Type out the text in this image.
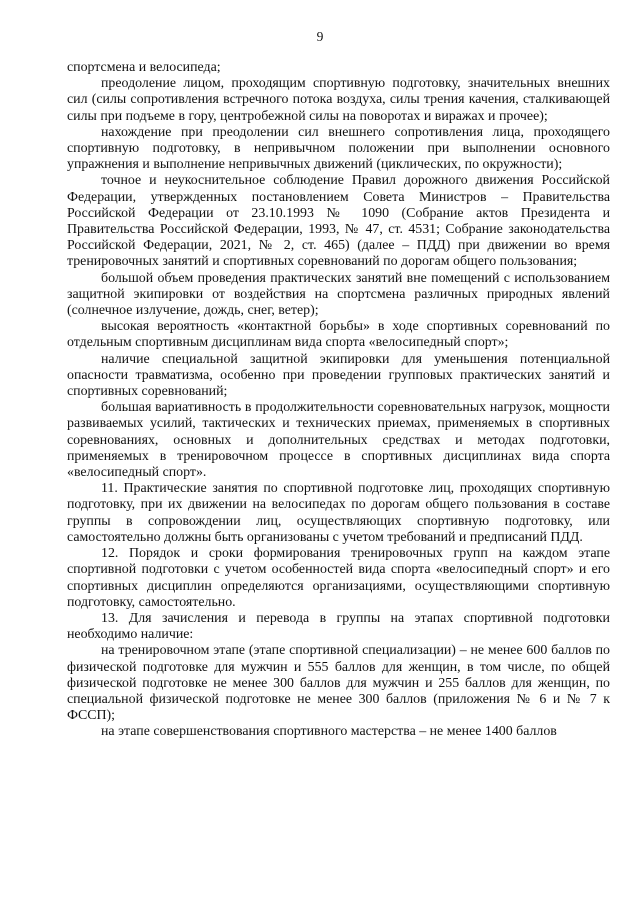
9

спортсмена и велосипеда;

преодоление лицом, проходящим спортивную подготовку, значительных внешних сил (силы сопротивления встречного потока воздуха, силы трения качения, сталкивающей силы при подъеме в гору, центробежной силы на поворотах и виражах и прочее);

нахождение при преодолении сил внешнего сопротивления лица, проходящего спортивную подготовку, в непривычном положении при выполнении основного упражнения и выполнение непривычных движений (циклических, по окружности);

точное и неукоснительное соблюдение Правил дорожного движения Российской Федерации, утвержденных постановлением Совета Министров – Правительства Российской Федерации от 23.10.1993 № 1090 (Собрание актов Президента и Правительства Российской Федерации, 1993, № 47, ст. 4531; Собрание законодательства Российской Федерации, 2021, № 2, ст. 465) (далее – ПДД) при движении во время тренировочных занятий и спортивных соревнований по дорогам общего пользования;

большой объем проведения практических занятий вне помещений с использованием защитной экипировки от воздействия на спортсмена различных природных явлений (солнечное излучение, дождь, снег, ветер);

высокая вероятность «контактной борьбы» в ходе спортивных соревнований по отдельным спортивным дисциплинам вида спорта «велосипедный спорт»;

наличие специальной защитной экипировки для уменьшения потенциальной опасности травматизма, особенно при проведении групповых практических занятий и спортивных соревнований;

большая вариативность в продолжительности соревновательных нагрузок, мощности развиваемых усилий, тактических и технических приемах, применяемых в спортивных соревнованиях, основных и дополнительных средствах и методах подготовки, применяемых в тренировочном процессе в спортивных дисциплинах вида спорта «велосипедный спорт».

11. Практические занятия по спортивной подготовке лиц, проходящих спортивную подготовку, при их движении на велосипедах по дорогам общего пользования в составе группы в сопровождении лиц, осуществляющих спортивную подготовку, или самостоятельно должны быть организованы с учетом требований и предписаний ПДД.

12. Порядок и сроки формирования тренировочных групп на каждом этапе спортивной подготовки с учетом особенностей вида спорта «велосипедный спорт» и его спортивных дисциплин определяются организациями, осуществляющими спортивную подготовку, самостоятельно.

13. Для зачисления и перевода в группы на этапах спортивной подготовки необходимо наличие:

на тренировочном этапе (этапе спортивной специализации) – не менее 600 баллов по физической подготовке для мужчин и 555 баллов для женщин, в том числе, по общей физической подготовке не менее 300 баллов для мужчин и 255 баллов для женщин, по специальной физической подготовке не менее 300 баллов (приложения № 6 и № 7 к ФССП);

на этапе совершенствования спортивного мастерства – не менее 1400 баллов
